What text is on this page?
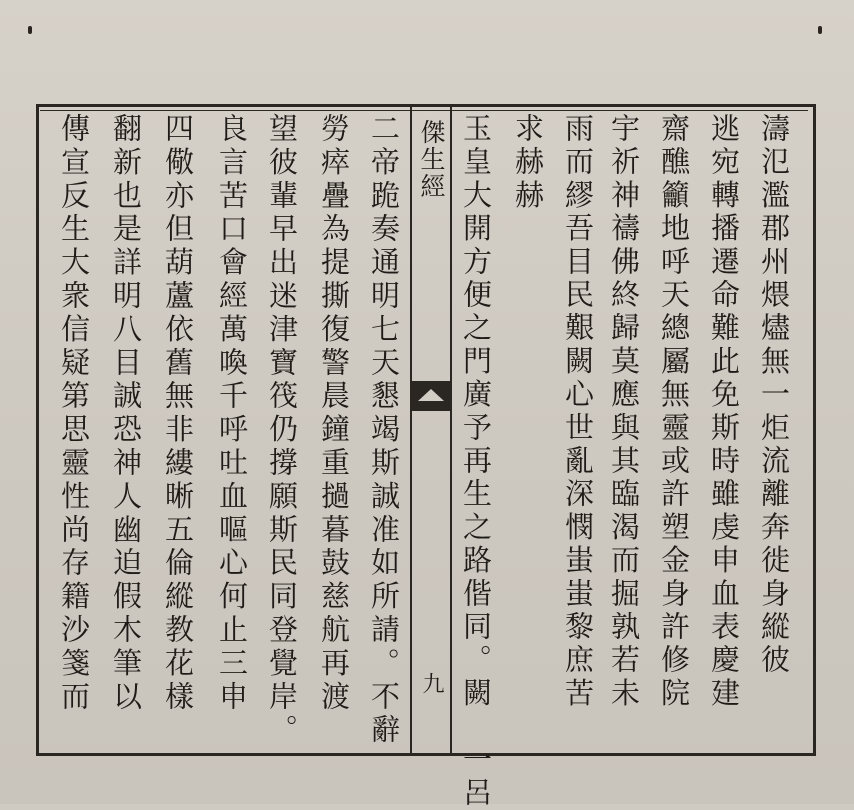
玉皇大開方便之門廣予再生之路偕同。闕　一呂 求赫赫 雨而繆吾目民艱闕心世亂深憫蚩蚩黎庶苦 宇祈神禱佛終歸莫應與其臨渴而掘孰若未 齋醮籲地呼天總屬無靈或許塑金身許修院 逃宛轉播遷命難此免斯時雖虔申血表慶建 濤氾濫郡州煨燼無一炬流離奔徙身縱彼
傑生經
九
二帝跪奏通明七天懇竭斯誠准如所請。不辭
勞瘁疊為提撕復警晨鐘重撾暮鼓慈航再渡
望彼輩早出迷津寶筏仍撐願斯民同登覺岸。
良言苦口會經萬喚千呼吐血嘔心何止三申
四儆亦但葫蘆依舊無非縷晰五倫縱教花樣
翻新也是詳明八目誠恐神人幽迫假木筆以
傳宣反生大衆信疑第思靈性尚存籍沙箋而
